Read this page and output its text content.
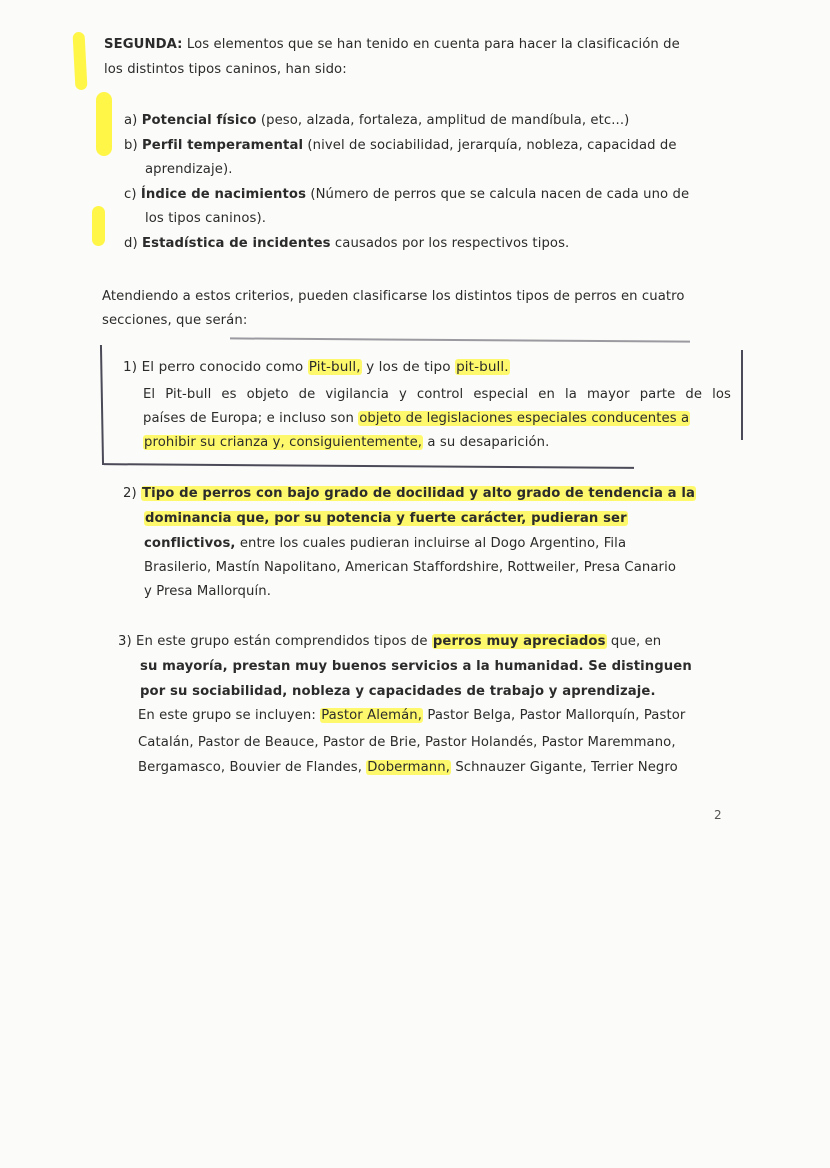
SEGUNDA: Los elementos que se han tenido en cuenta para hacer la clasificación de
los distintos tipos caninos, han sido:
a) Potencial físico (peso, alzada, fortaleza, amplitud de mandíbula, etc...)
b) Perfil temperamental (nivel de sociabilidad, jerarquía, nobleza, capacidad de
aprendizaje).
c) Índice de nacimientos (Número de perros que se calcula nacen de cada uno de
los tipos caninos).
d) Estadística de incidentes causados por los respectivos tipos.
Atendiendo a estos criterios, pueden clasificarse los distintos tipos de perros en cuatro
secciones, que serán:
1) El perro conocido como Pit-bull, y los de tipo pit-bull.
El Pit-bull es objeto de vigilancia y control especial en la mayor parte de los
países de Europa; e incluso son objeto de legislaciones especiales conducentes a
prohibir su crianza y, consiguientemente, a su desaparición.
2) Tipo de perros con bajo grado de docilidad y alto grado de tendencia a la
dominancia que, por su potencia y fuerte carácter, pudieran ser
conflictivos, entre los cuales pudieran incluirse al Dogo Argentino, Fila
Brasilerio, Mastín Napolitano, American Staffordshire, Rottweiler, Presa Canario
y Presa Mallorquín.
3) En este grupo están comprendidos tipos de perros muy apreciados que, en
su mayoría, prestan muy buenos servicios a la humanidad. Se distinguen
por su sociabilidad, nobleza y capacidades de trabajo y aprendizaje.
En este grupo se incluyen: Pastor Alemán, Pastor Belga, Pastor Mallorquín, Pastor
Catalán, Pastor de Beauce, Pastor de Brie, Pastor Holandés, Pastor Maremmano,
Bergamasco, Bouvier de Flandes, Dobermann, Schnauzer Gigante, Terrier Negro
2
